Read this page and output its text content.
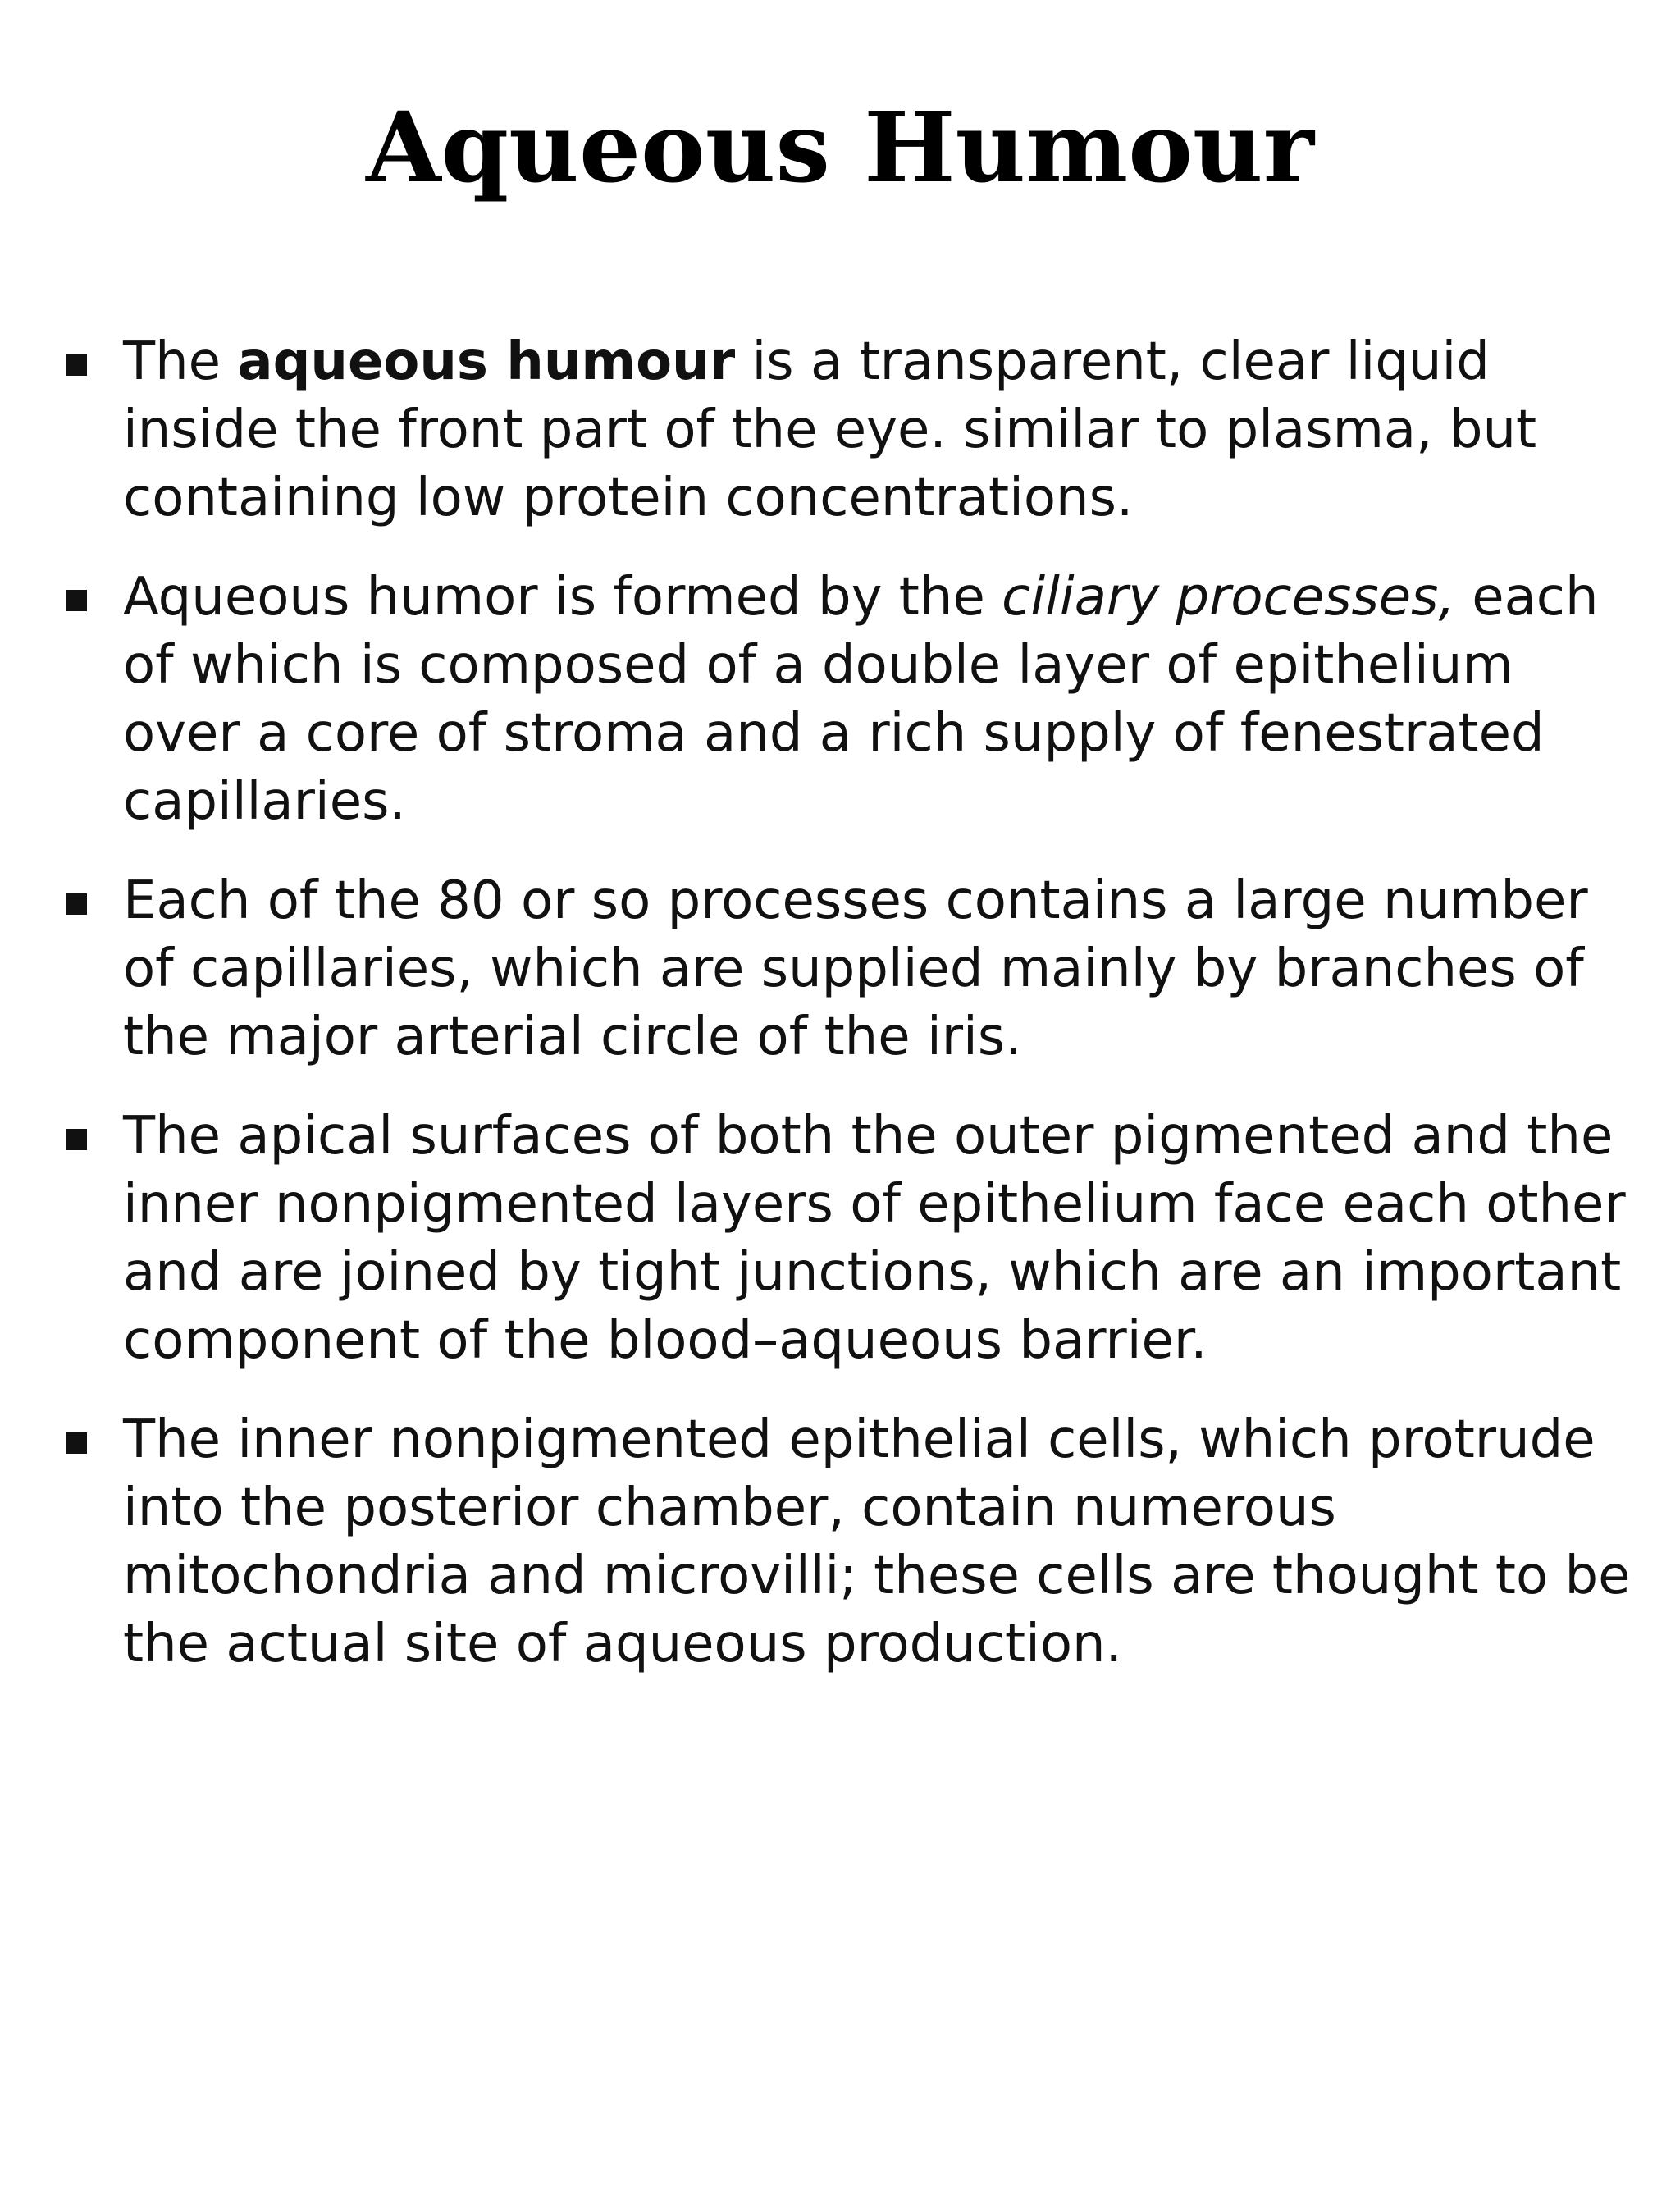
Aqueous Humour
The aqueous humour is a transparent, clear liquid inside the front part of the eye. similar to plasma, but containing low protein concentrations.
Aqueous humor is formed by the ciliary processes, each of which is composed of a double layer of epithelium over a core of stroma and a rich supply of fenestrated capillaries.
Each of the 80 or so processes contains a large number of capillaries, which are supplied mainly by branches of the major arterial circle of the iris.
The apical surfaces of both the outer pigmented and the inner nonpigmented layers of epithelium face each other and are joined by tight junctions, which are an important component of the blood–aqueous barrier.
The inner nonpigmented epithelial cells, which protrude into the posterior chamber, contain numerous mitochondria and microvilli; these cells are thought to be the actual site of aqueous production.
